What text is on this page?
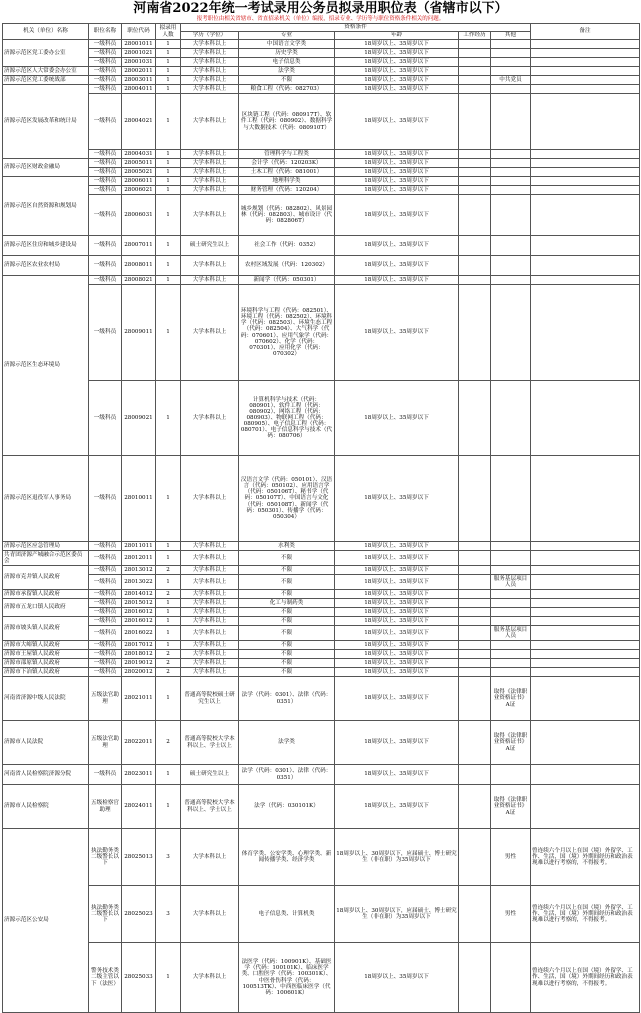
河南省2022年统一考试录用公务员拟录用职位表（省辖市以下）
报考职位由相关省辖市、省直招录机关（单位）编报，招录专业、学历等与职位资格条件相关的问题。
机关（单位）名称	职位名称	职位代码	拟录用人数	资格条件					备注
				学历（学位）	专业	年龄	工作经历	其他	
济源示范区党工委办公室	一级科员	28001011	1	大学本科以上	中国语言文学类	18周岁以上、35周岁以下			
	一级科员	28001021	1	大学本科以上	历史学类	18周岁以上、35周岁以下			
	一级科员	28001031	1	大学本科以上	电子信息类	18周岁以上、35周岁以下			
济源示范区人大常委会办公室	一级科员	28002011	1	大学本科以上	法学类	18周岁以上、35周岁以下			
济源示范区党工委统战部	一级科员	28003011	1	大学本科以上	不限	18周岁以上、35周岁以下		中共党员	
济源示范区发展改革和统计局	一级科员	28004011	1	大学本科以上	粮食工程（代码：082703）	18周岁以上、35周岁以下			
	一级科员	28004021	1	大学本科以上	区块链工程（代码：080917T）、软件工程（代码：080902）、数据科学与大数据技术（代码：080910T）	18周岁以上、35周岁以下			
	一级科员	28004031	1	大学本科以上	管理科学与工程类	18周岁以上、35周岁以下			
济源示范区财政金融局	一级科员	28005011	1	大学本科以上	会计学（代码：120203K）	18周岁以上、35周岁以下			
	一级科员	28005021	1	大学本科以上	土木工程（代码：081001）	18周岁以上、35周岁以下			
济源示范区自然资源和规划局	一级科员	28006011	1	大学本科以上	地理科学类	18周岁以上、35周岁以下			
	一级科员	28006021	1	大学本科以上	财务管理（代码：120204）	18周岁以上、35周岁以下			
	一级科员	28006031	1	大学本科以上	城乡规划（代码：082802）、风景园林（代码：082803）、城市设计（代码：082806T）	18周岁以上、35周岁以下			
济源示范区住房和城乡建设局	一级科员	28007011	1	硕士研究生以上	社会工作（代码：0352）	18周岁以上、35周岁以下			
济源示范区农业农村局	一级科员	28008011	1	大学本科以上	农村区域发展（代码：120302）	18周岁以上、35周岁以下			
济源示范区生态环境局	一级科员	28008021	1	大学本科以上	新闻学（代码：050301）	18周岁以上、35周岁以下			
	一级科员	28009011	1	大学本科以上	环境科学与工程（代码：082501）、环境工程（代码：082502）、环境科学（代码：082503）、环境生态工程（代码：082504）、大气科学（代码：070601）、应用气象学（代码：070602）、化学（代码：070301）、应用化学（代码：070302）	18周岁以上、35周岁以下			
	一级科员	28009021	1	大学本科以上	计算机科学与技术（代码：080901）、软件工程（代码：080902）、网络工程（代码：080903）、物联网工程（代码：080905）、电子信息工程（代码：080701）、电子信息科学与技术（代码：080706）	18周岁以上、35周岁以下			
济源示范区退役军人事务局	一级科员	28010011	1	大学本科以上	汉语言文学（代码：050101）、汉语言（代码：050102）、应用语言学（代码：050106T）、秘书学（代码：050107T）、中国语言与文化（代码：050108T）、新闻学（代码：050301）、传播学（代码：050304）	18周岁以上、35周岁以下			
济源示范区应急管理局	一级科员	28011011	1	大学本科以上	水利类	18周岁以上、35周岁以下			
共青团济源产城融合示范区委员会	一级科员	28012011	1	大学本科以上	不限	18周岁以上、35周岁以下			
济源市克井镇人民政府	一级科员	28013012	2	大学本科以上	不限	18周岁以上、35周岁以下			
	一级科员	28013022	1	大学本科以上	不限	18周岁以上、35周岁以下		服务基层项目人员	
济源市承留镇人民政府	一级科员	28014012	2	大学本科以上	不限	18周岁以上、35周岁以下			
济源市五龙口镇人民政府	一级科员	28015012	1	大学本科以上	化工与制药类	18周岁以上、35周岁以下			
	一级科员	28016012	1	大学本科以上	不限	18周岁以上、35周岁以下			
济源市坡头镇人民政府	一级科员	28016012	1	大学本科以上	不限	18周岁以上、35周岁以下			
	一级科员	28016022	1	大学本科以上	不限	18周岁以上、35周岁以下		服务基层项目人员	
济源市大峪镇人民政府	一级科员	28017012	1	大学本科以上	不限	18周岁以上、35周岁以下			
济源市王屋镇人民政府	一级科员	28018012	2	大学本科以上	不限	18周岁以上、35周岁以下			
济源市邵原镇人民政府	一级科员	28019012	2	大学本科以上	不限	18周岁以上、35周岁以下			
济源市下冶镇人民政府	一级科员	28020012	2	大学本科以上	不限	18周岁以上、35周岁以下			
河南省济源中级人民法院	五级法官助理	28021011	1	普通高等院校硕士研究生以上	法学（代码：0301）、法律（代码：0351）	18周岁以上、35周岁以下		取得《法律职业资格证书》A证	
济源市人民法院	五级法官助理	28022011	2	普通高等院校大学本科以上、学士以上	法学类	18周岁以上、35周岁以下		取得《法律职业资格证书》A证	
河南省人民检察院济源分院	一级科员	28023011	1	硕士研究生以上	法学（代码：0301）、法律（代码：0351）	18周岁以上、35周岁以下			
济源市人民检察院	五级检察官助理	28024011	1	普通高等院校大学本科以上、学士以上	法学（代码：030101K）	18周岁以上、35周岁以下		取得《法律职业资格证书》A证	
济源示范区公安局	执法勤务类二级警长以下	28025013	3	大学本科以上	体育学类、公安学类、心理学类、新闻传播学类、经济学类	18周岁以上、30周岁以下，应届硕士、博士研究生（非在职）为35周岁以下		男性	曾连续六个月以上在国（境）外留学、工作、生活，国（境）外期间经历和政治表现难以进行考察的，不得报考。
	执法勤务类二级警长以下	28025023	3	大学本科以上	电子信息类、计算机类	18周岁以上、30周岁以下，应届硕士、博士研究生（非在职）为35周岁以下		男性	曾连续六个月以上在国（境）外留学、工作、生活，国（境）外期间经历和政治表现难以进行考察的，不得报考。
	警务技术类二级主管以下（法医）	28025033	1	大学本科以上	法医学（代码：100901K）、基础医学（代码：100101K）、临床医学类、口腔医学（代码：100301K）、中医骨伤科学（代码：100513TK）、中西医临床医学（代码：100601K）	18周岁以上、35周岁以下			曾连续六个月以上在国（境）外留学、工作、生活，国（境）外期间经历和政治表现难以进行考察的，不得报考。
